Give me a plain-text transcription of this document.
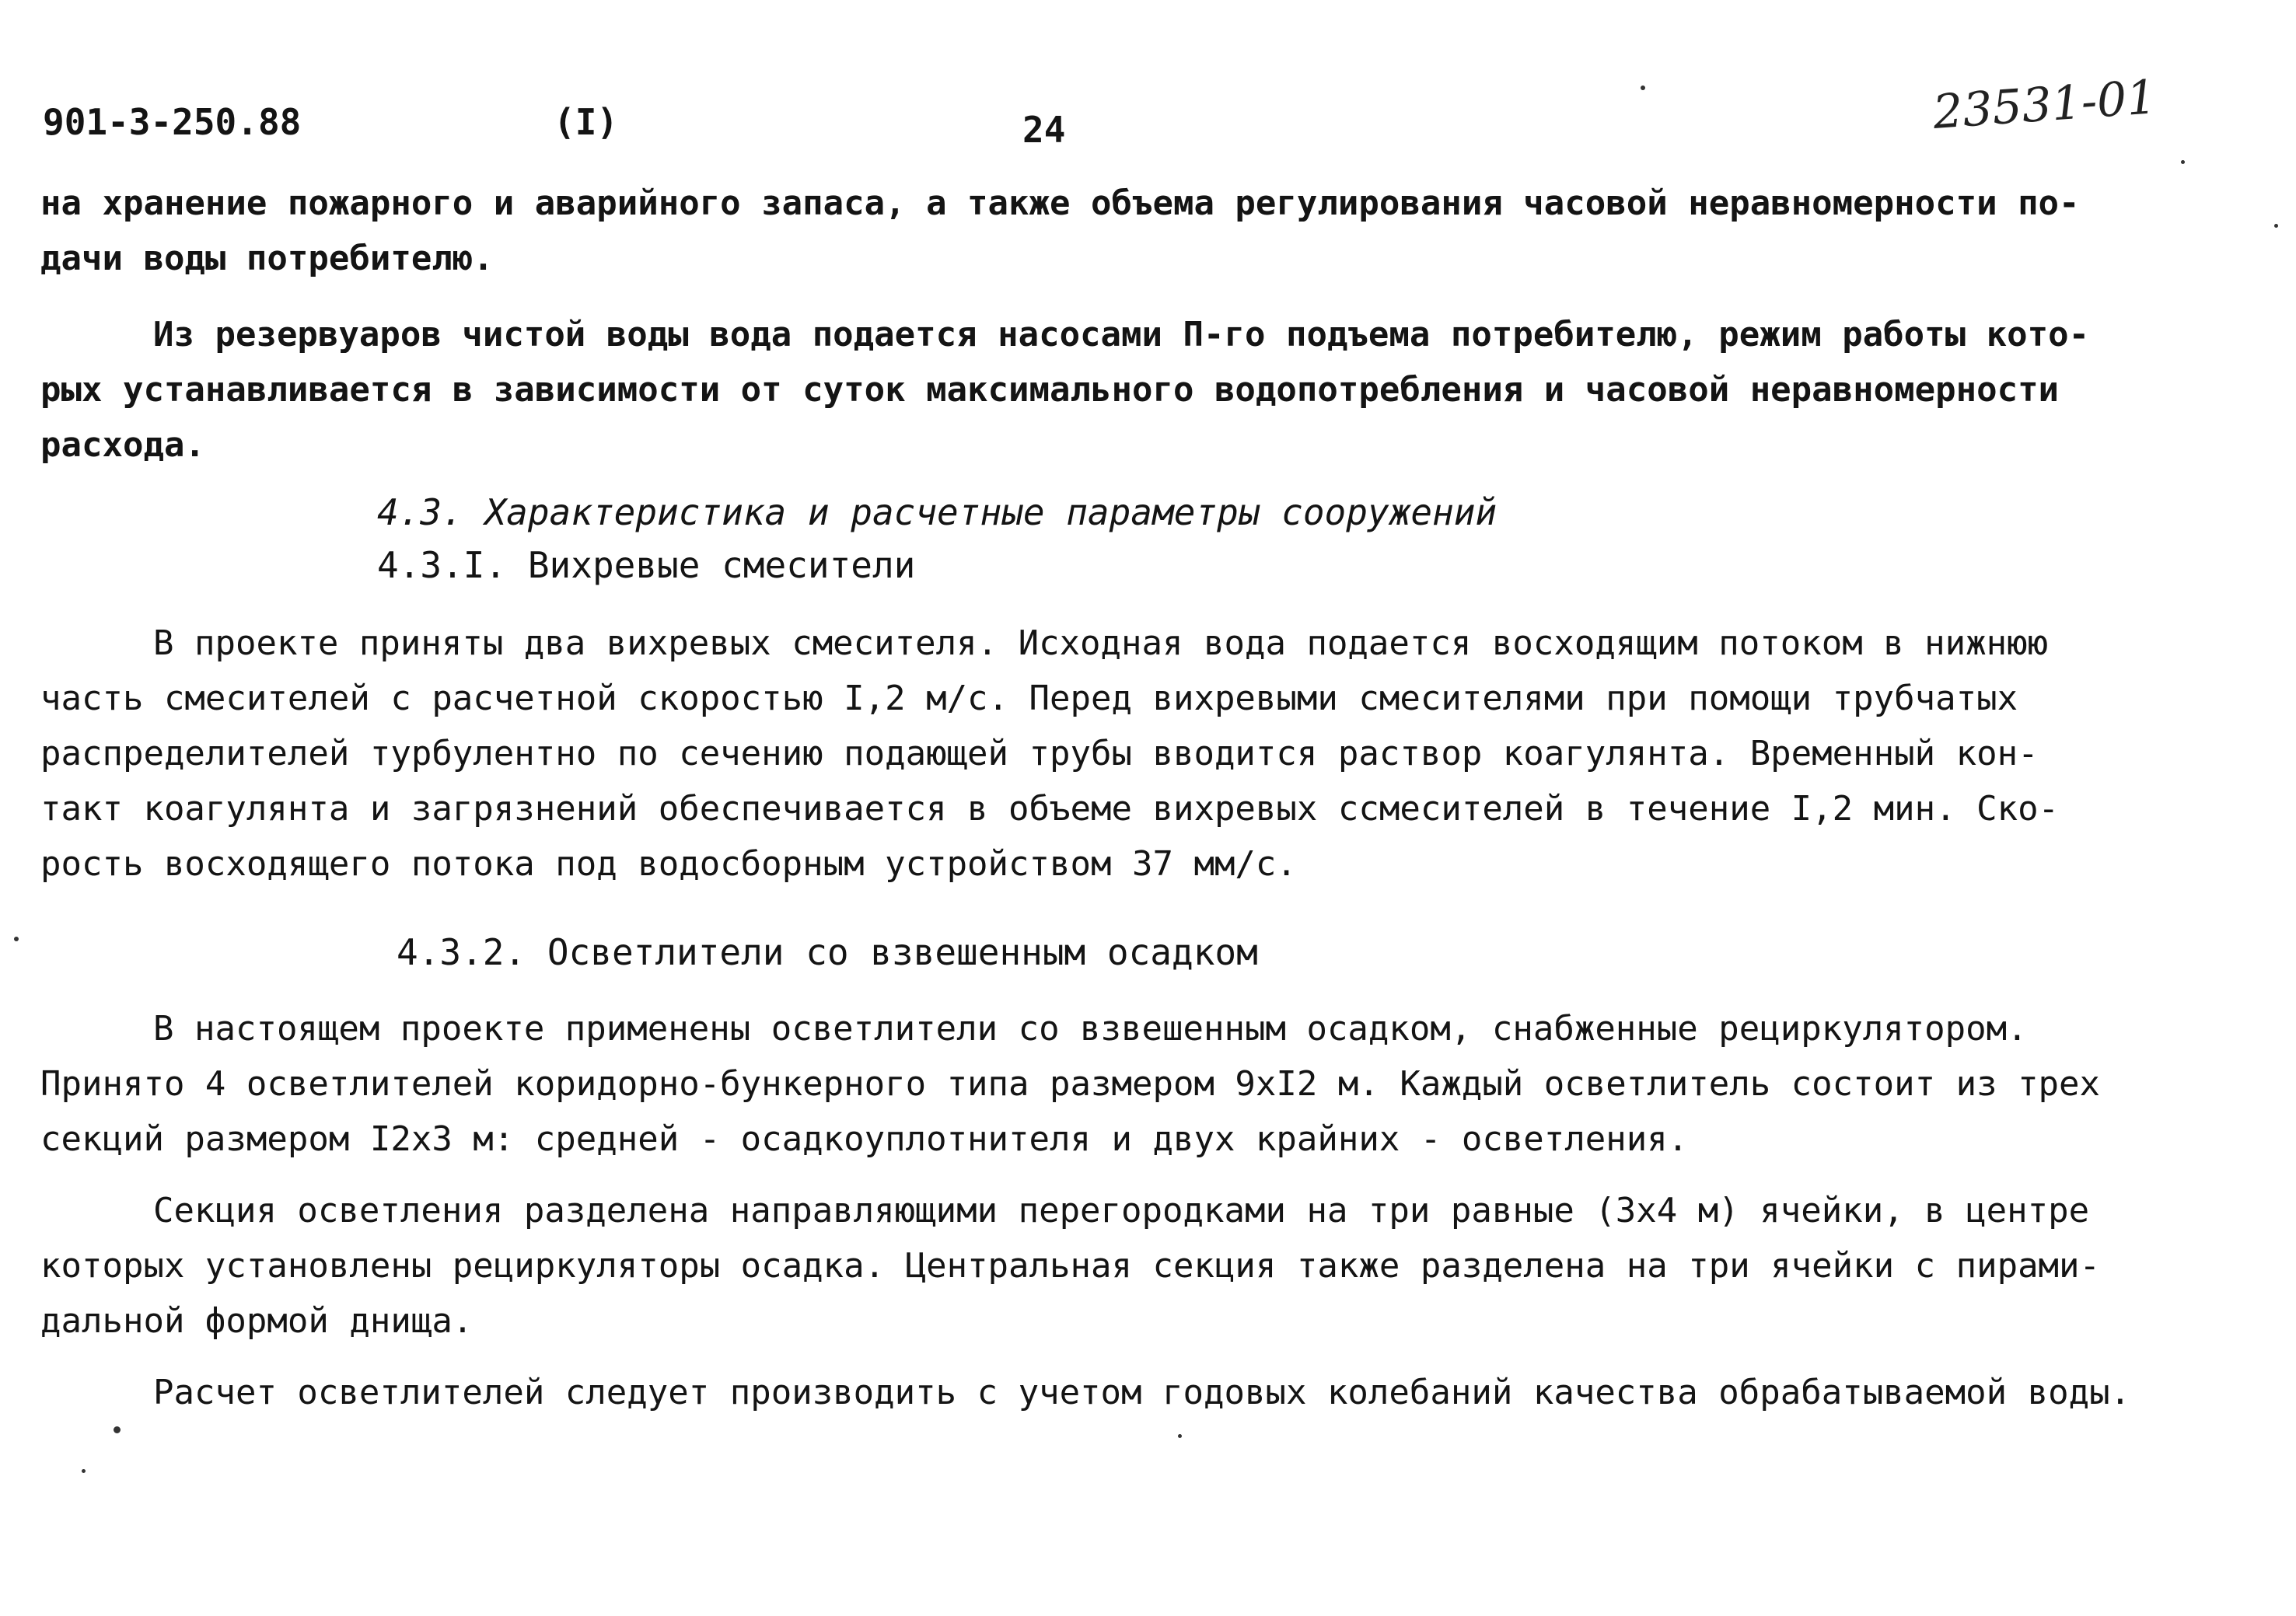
901-3-250.88	(I)	24	23531-01
на хранение пожарного и аварийного запаса, а также объема регулирования часовой неравномерности по-
дачи воды потребителю.
Из резервуаров чистой воды вода подается насосами П-го подъема потребителю, режим работы кото-
рых устанавливается в зависимости от суток максимального водопотребления и часовой неравномерности
расхода.
4.3. Характеристика и расчетные параметры сооружений
4.3.I. Вихревые смесители
В проекте приняты два вихревых смесителя. Исходная вода подается восходящим потоком в нижнюю
часть смесителей с расчетной скоростью I,2 м/с. Перед вихревыми смесителями при помощи трубчатых
распределителей турбулентно по сечению подающей трубы вводится раствор коагулянта. Временный кон-
такт коагулянта и загрязнений обеспечивается в объеме вихревых ссмесителей в течение I,2 мин. Ско-
рость восходящего потока под водосборным устройством 37 мм/с.
4.3.2. Осветлители со взвешенным осадком
В настоящем проекте применены осветлители со взвешенным осадком, снабженные рециркулятором.
Принято 4 осветлителей коридорно-бункерного типа размером 9хI2 м. Каждый осветлитель состоит из трех
секций размером I2х3 м: средней - осадкоуплотнителя и двух крайних - осветления.
Секция осветления разделена направляющими перегородками на три равные (3х4 м) ячейки, в центре
которых установлены рециркуляторы осадка. Центральная секция также разделена на три ячейки с пирами-
дальной формой днища.
Расчет осветлителей следует производить с учетом годовых колебаний качества обрабатываемой воды.
